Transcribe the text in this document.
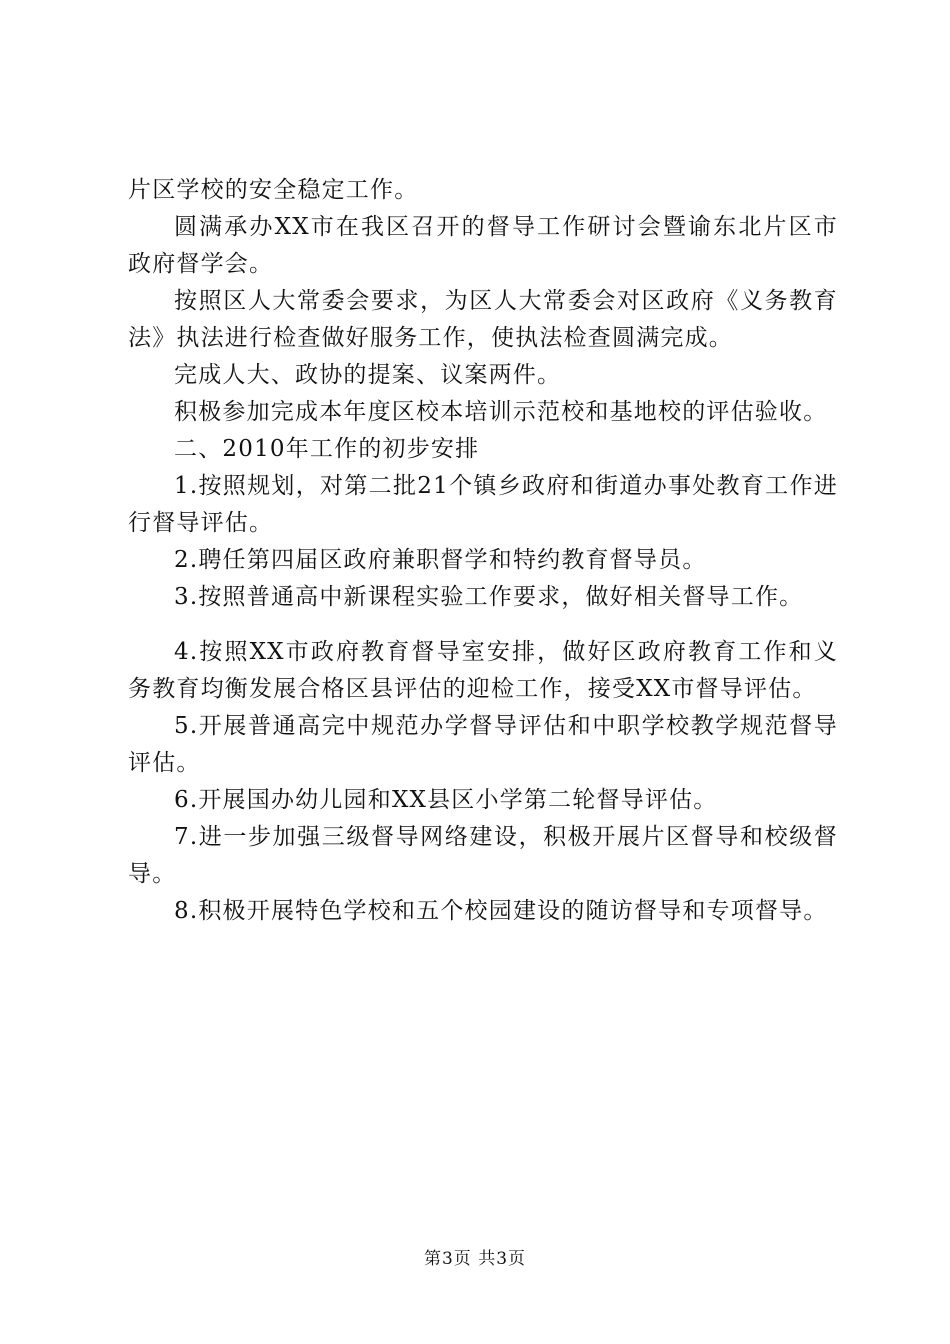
片区学校的安全稳定工作。

圆满承办XX市在我区召开的督导工作研讨会暨谕东北片区市政府督学会。

按照区人大常委会要求，为区人大常委会对区政府《义务教育法》执法进行检查做好服务工作，使执法检查圆满完成。

完成人大、政协的提案、议案两件。

积极参加完成本年度区校本培训示范校和基地校的评估验收。

二、2010年工作的初步安排

1.按照规划，对第二批21个镇乡政府和街道办事处教育工作进行督导评估。

2.聘任第四届区政府兼职督学和特约教育督导员。

3.按照普通高中新课程实验工作要求，做好相关督导工作。

4.按照XX市政府教育督导室安排，做好区政府教育工作和义务教育均衡发展合格区县评估的迎检工作，接受XX市督导评估。

5.开展普通高完中规范办学督导评估和中职学校教学规范督导评估。

6.开展国办幼儿园和XX县区小学第二轮督导评估。

7.进一步加强三级督导网络建设，积极开展片区督导和校级督导。

8.积极开展特色学校和五个校园建设的随访督导和专项督导。

第3页 共3页
